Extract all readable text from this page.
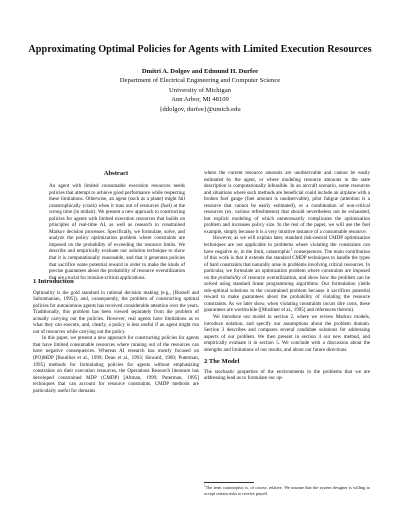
Approximating Optimal Policies for Agents with Limited Execution Resources
Dmitri A. Dolgov and Edmund H. Durfee
Department of Electrical Engineering and Computer Science
University of Michigan
Ann Arbor, MI 48109
{ddolgov, durfee}@umich.edu
Abstract
An agent with limited consumable execution resources needs policies that attempt to achieve good performance while respecting these limitations. Otherwise, an agent (such as a plane) might fail catastrophically (crash) when it runs out of resources (fuel) at the wrong time (in midair). We present a new approach to constructing policies for agents with limited execution resources that builds on principles of real-time AI, as well as research in constrained Markov decision processes. Specifically, we formulate, solve, and analyze the policy optimization problem where constraints are imposed on the probability of exceeding the resource limits. We describe and empirically evaluate our solution technique to show that it is computationally reasonable, and that it generates policies that sacrifice some potential reward in order to make the kinds of precise guarantees about the probability of resource overutilization that are crucial for mission-critical applications.
1 Introduction

Optimality is the gold standard in rational decision making (e.g., [Russell and Subramanian, 1995]), and, consequently, the problem of constructing optimal policies for autonomous agents has received considerable attention over the years. Traditionally, this problem has been viewed separately from the problem of actually carrying out the policies. However, real agents have limitations as to what they can execute, and, clearly, a policy is less useful if an agent might run out of resources while carrying out the policy.

In this paper, we present a new approach for constructing policies for agents that have limited consumable resources where running out of the resources can have negative consequences. Whereas AI research has mostly focused on (PO)MDP [Boutilier et al., 1999; Dean et al., 1993; Howard, 1960; Puterman, 1995] methods for formulating policies for agents without emphasizing constraints on their execution resources, the Operations Research literature has developed constrained MDP (CMDP) [Altman, 1999; Puterman, 1995] techniques that can account for resource constraints. CMDP methods are particularly useful for domains

where the current resource amounts are unobservable and cannot be easily estimated by the agent, or where modeling resource amounts in the state description is computationally infeasible. In an aircraft scenario, some resources and situations where such methods are beneficial could include an airplane with a broken fuel gauge (fuel amount is unobservable), pilot fatigue (attention is a resource that cannot be easily estimated), or a combination of non-critical resources (ex. various refreshments) that should nevertheless not be exhausted, but explicit modeling of which unnecessarily complicates the optimization problem and increases policy size. In the rest of the paper, we will use the fuel example, simply because it is a very intuitive instance of a consumable resource.

However, as we will explain later, standard risk-neutral CMDP optimization techniques are not applicable to problems where violating the constraints can have negative or, in the limit, catastrophic$^1$ consequences. The main contribution of this work is that it extends the standard CMDP techniques to handle the types of hard constraints that naturally arise in problems involving critical resources. In particular, we formulate an optimization problem where constraints are imposed on the probability of resource overutilization, and show how the problem can be solved using standard linear programming algorithms. Our formulation yields sub-optimal solutions to the constrained problem because it sacrifices potential reward to make guarantees about the probability of violating the resource constraints. As we later show, when violating constraints incurs dire costs, these guarantees are worthwhile ([Musliner et al., 1995] and references therein).

We introduce our model in section 2, where we review Markov models, introduce notation, and specify our assumptions about the problem domain. Section 3 describes and compares several candidate solutions for addressing aspects of our problem. We then present in section 4 our new method, and empirically evaluate it in section 5. We conclude with a discussion about the strengths and limitations of our results, and about our future directions.

2 The Model

The stochastic properties of the environments in the problems that we are addressing lead us to formulate our op-

$^1$The term catastrophic is, of course, relative. We assume that the system designer is willing to accept certain risks to receive payoff.
